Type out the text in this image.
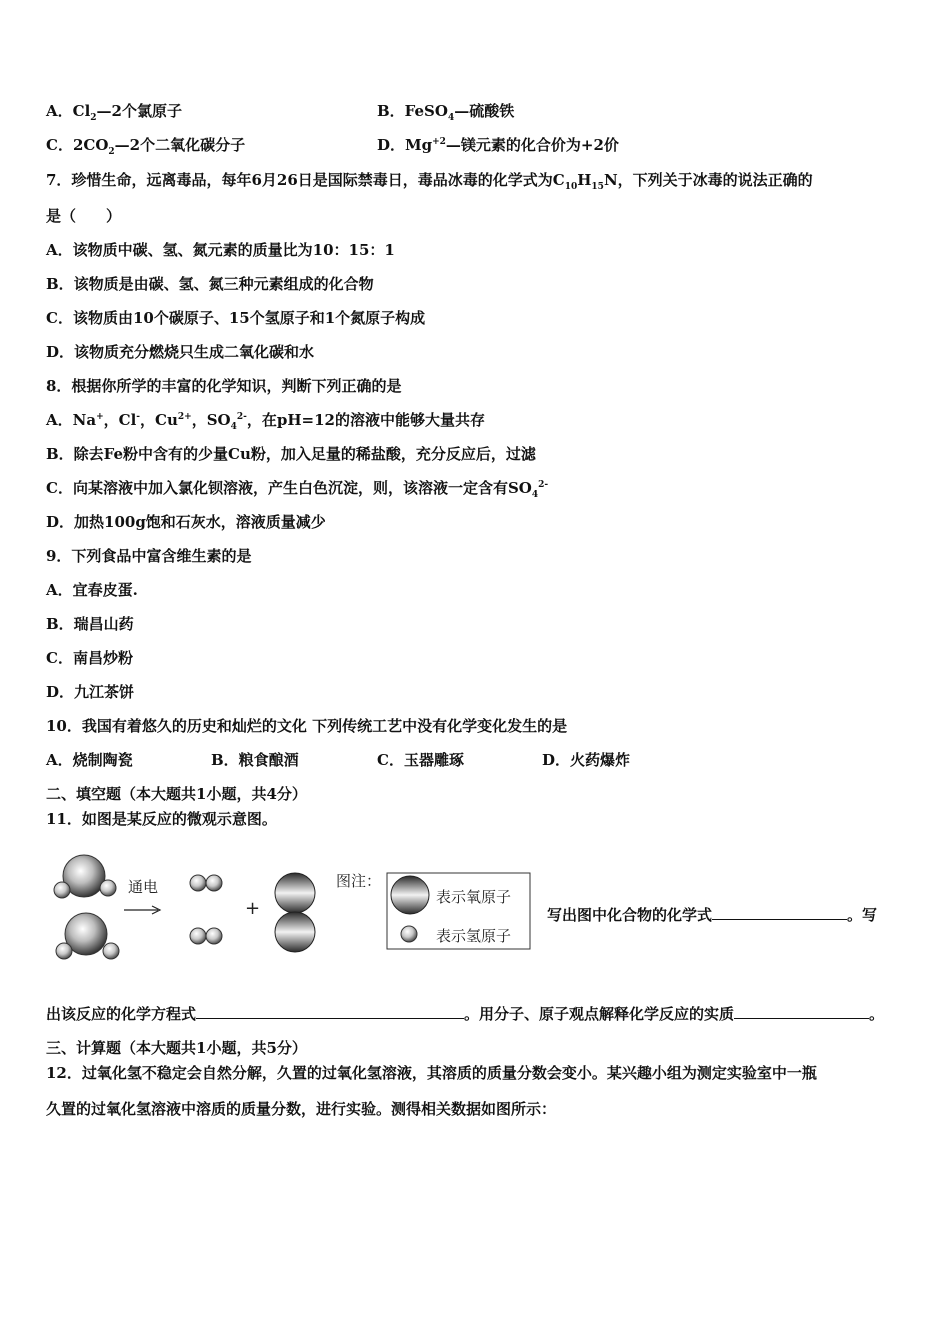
A．$Cl_2—2$个氯原子	B．FeSO$_4$—硫酸铁
C．$2CO_2—2$个二氧化碳分子	D．$Mg^{+2}—$镁元素的化合价为+2价
7．珍惜生命，远离毒品，每年6月26日是国际禁毒日，毒品冰毒的化学式为$C_{10}H_{15}N$，下列关于冰毒的说法正确的
是（　　）
A．该物质中碳、氢、氮元素的质量比为10：15：1
B．该物质是由碳、氢、氮三种元素组成的化合物
C．该物质由10个碳原子、15个氢原子和1个氮原子构成
D．该物质充分燃烧只生成二氧化碳和水
8．根据你所学的丰富的化学知识，判断下列正确的是
A．Na+，Cl-，$Cu^{2+}$，$SO_4^{2-}$，在pH=12的溶液中能够大量共存
B．除去Fe粉中含有的少量Cu粉，加入足量的稀盐酸，充分反应后，过滤
C．向某溶液中加入氯化钡溶液，产生白色沉淀，则，该溶液一定含有$SO_4^{2-}$
D．加热100g饱和石灰水，溶液质量减少
9．下列食品中富含维生素的是
A．宜春皮蛋.
B．瑞昌山药
C．南昌炒粉
D．九江茶饼
10．我国有着悠久的历史和灿烂的文化 下列传统工艺中没有化学变化发生的是
A．烧制陶瓷	B．粮食酿酒	C．玉器雕琢	D．火药爆炸
二、填空题（本大题共1小题，共4分）
11．如图是某反应的微观示意图。
通电
+
图注：
表示氧原子
表示氢原子
写出图中化合物的化学式	。写
出该反应的化学方程式	。用分子、原子观点解释化学反应的实质	。
三、计算题（本大题共1小题，共5分）
12．过氧化氢不稳定会自然分解，久置的过氧化氢溶液，其溶质的质量分数会变小。某兴趣小组为测定实验室中一瓶
久置的过氧化氢溶液中溶质的质量分数，进行实验。测得相关数据如图所示：
